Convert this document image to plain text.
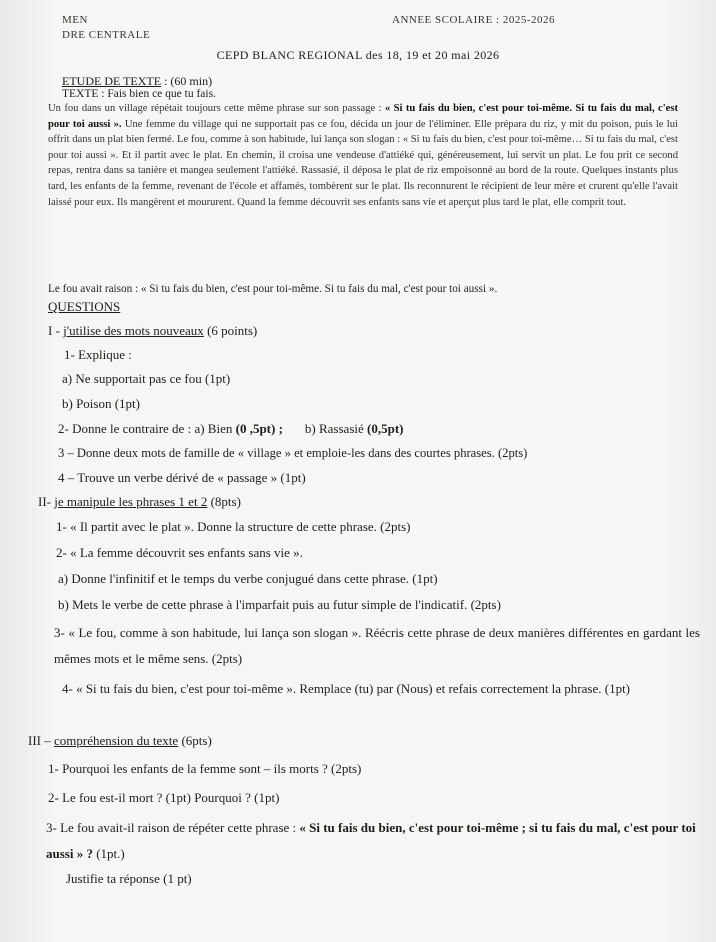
MEN
DRE CENTRALE
ANNEE SCOLAIRE : 2025-2026
CEPD BLANC REGIONAL des 18, 19 et 20 mai 2026
ETUDE DE TEXTE : (60 min)
TEXTE : Fais bien ce que tu fais.
Un fou dans un village répétait toujours cette même phrase sur son passage : « Si tu fais du bien, c'est pour toi-même. Si tu fais du mal, c'est pour toi aussi ». Une femme du village qui ne supportait pas ce fou, décida un jour de l'éliminer. Elle prépara du riz, y mit du poison, puis le lui offrit dans un plat bien fermé. Le fou, comme à son habitude, lui lança son slogan : « Si tu fais du bien, c'est pour toi-même… Si tu fais du mal, c'est pour toi aussi ». Et il partit avec le plat. En chemin, il croisa une vendeuse d'attiéké qui, généreusement, lui servit un plat. Le fou prit ce second repas, rentra dans sa tanière et mangea seulement l'attiéké. Rassasié, il déposa le plat de riz empoisonné au bord de la route. Quelques instants plus tard, les enfants de la femme, revenant de l'école et affamés, tombèrent sur le plat. Ils reconnurent le récipient de leur mère et crurent qu'elle l'avait laissé pour eux. Ils mangèrent et moururent. Quand la femme découvrit ses enfants sans vie et aperçut plus tard le plat, elle comprit tout.
Le fou avait raison : « Si tu fais du bien, c'est pour toi-même. Si tu fais du mal, c'est pour toi aussi ».
QUESTIONS
I - j'utilise des mots nouveaux (6 points)
1- Explique :
a) Ne supportait pas ce fou (1pt)
b) Poison (1pt)
2- Donne le contraire de : a) Bien (0 ,5pt) ; b) Rassasié (0,5pt)
3 – Donne deux mots de famille de « village » et emploie-les dans des courtes phrases. (2pts)
4 – Trouve un verbe dérivé de « passage » (1pt)
II- je manipule les phrases 1 et 2 (8pts)
1- « Il partit avec le plat ». Donne la structure de cette phrase. (2pts)
2- « La femme découvrit ses enfants sans vie ».
a) Donne l'infinitif et le temps du verbe conjugué dans cette phrase. (1pt)
b) Mets le verbe de cette phrase à l'imparfait puis au futur simple de l'indicatif. (2pts)
3- « Le fou, comme à son habitude, lui lança son slogan ». Réécris cette phrase de deux manières différentes en gardant les mêmes mots et le même sens. (2pts)
4- « Si tu fais du bien, c'est pour toi-même ». Remplace (tu) par (Nous) et refais correctement la phrase. (1pt)
III – compréhension du texte (6pts)
1- Pourquoi les enfants de la femme sont – ils morts ? (2pts)
2- Le fou est-il mort ? (1pt) Pourquoi ? (1pt)
3- Le fou avait-il raison de répéter cette phrase : « Si tu fais du bien, c'est pour toi-même ; si tu fais du mal, c'est pour toi aussi » ? (1pt.)
Justifie ta réponse (1 pt)
